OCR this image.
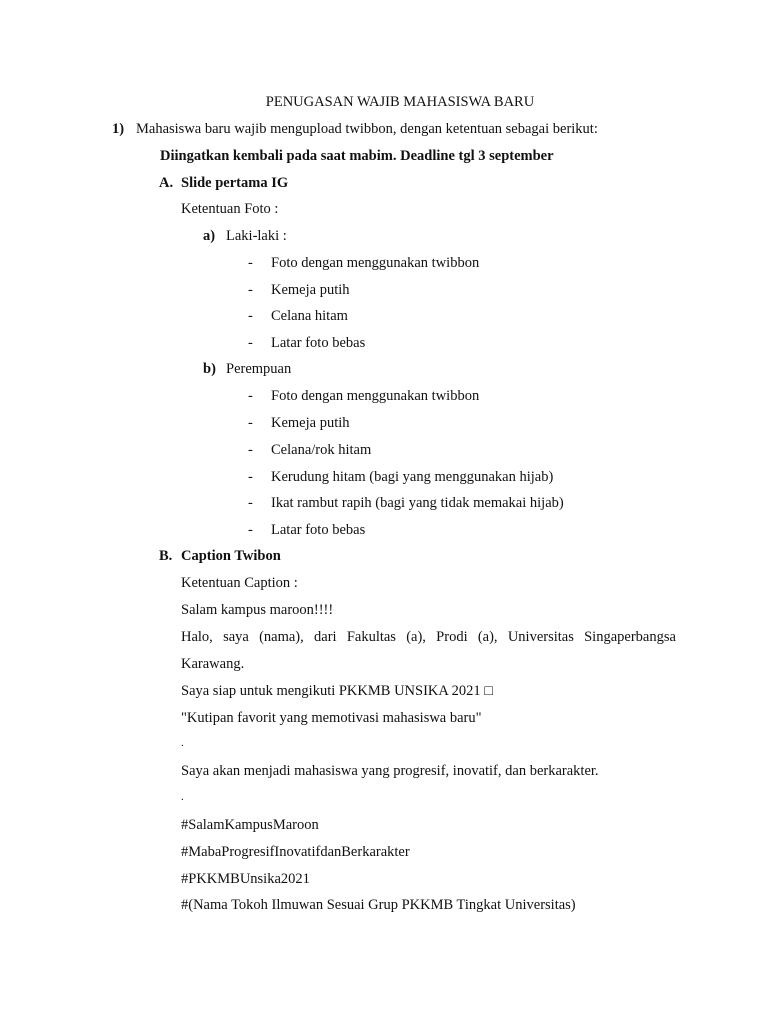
PENUGASAN WAJIB MAHASISWA BARU
1) Mahasiswa baru wajib mengupload twibbon, dengan ketentuan sebagai berikut:
Diingatkan kembali pada saat mabim. Deadline tgl 3 september
A. Slide pertama IG
Ketentuan Foto :
a) Laki-laki :
- Foto dengan menggunakan twibbon
- Kemeja putih
- Celana hitam
- Latar foto bebas
b) Perempuan
- Foto dengan menggunakan twibbon
- Kemeja putih
- Celana/rok hitam
- Kerudung hitam (bagi yang menggunakan hijab)
- Ikat rambut rapih (bagi yang tidak memakai hijab)
- Latar foto bebas
B. Caption Twibon
Ketentuan Caption :
Salam kampus maroon!!!!
Halo, saya (nama), dari Fakultas (a), Prodi (a), Universitas Singaperbangsa
Karawang.
Saya siap untuk mengikuti PKKMB UNSIKA 2021 □
"Kutipan favorit yang memotivasi mahasiswa baru"
.
Saya akan menjadi mahasiswa yang progresif, inovatif, dan berkarakter.
.
#SalamKampusMaroon
#MabaProgresifInovatifdanBerkarakter
#PKKMBUnsika2021
#(Nama Tokoh Ilmuwan Sesuai Grup PKKMB Tingkat Universitas)
